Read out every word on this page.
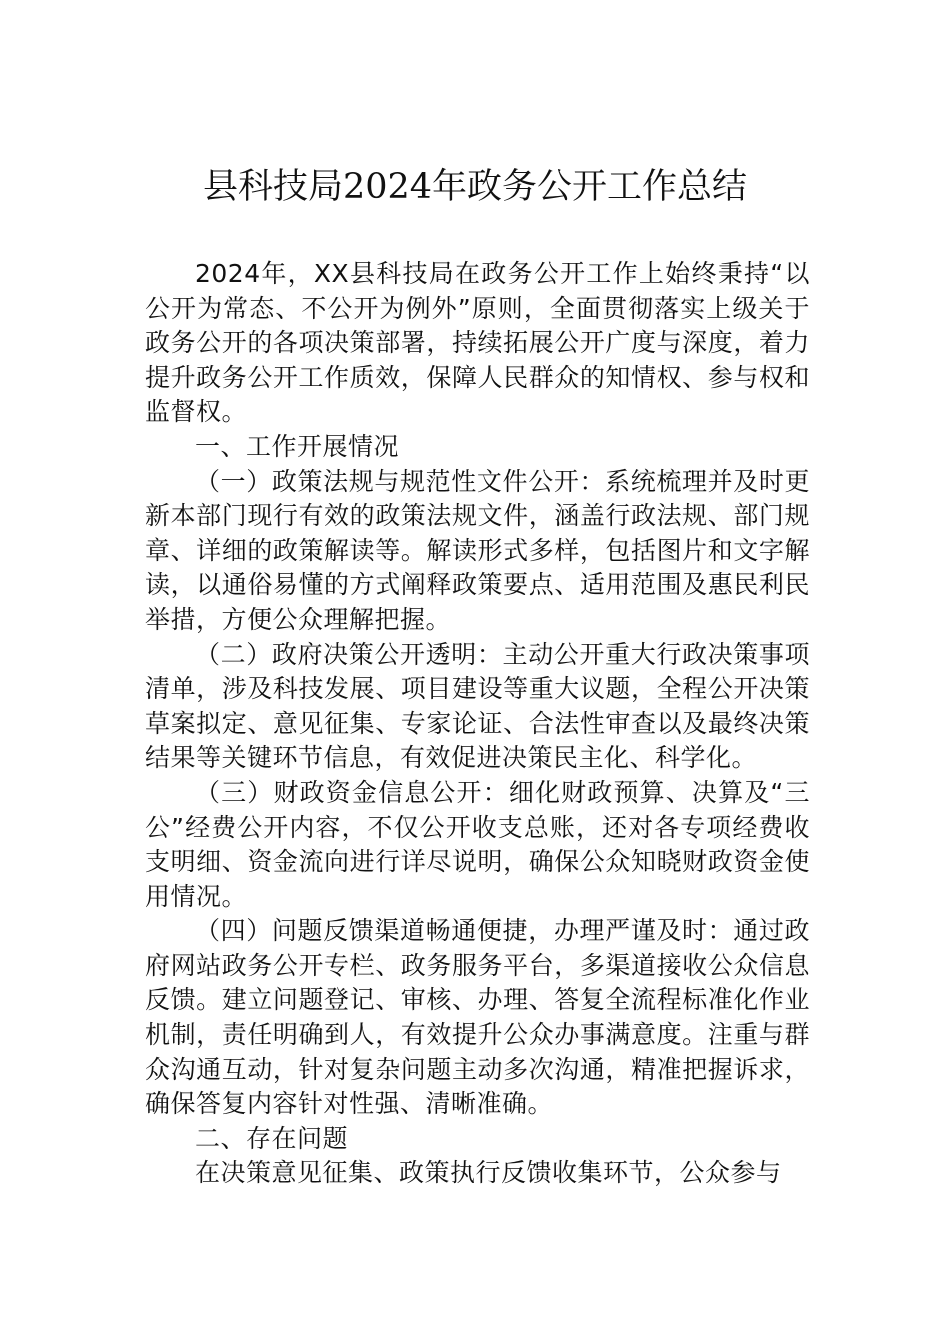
县科技局2024年政务公开工作总结

2024年，XX县科技局在政务公开工作上始终秉持“以公开为常态、不公开为例外”原则，全面贯彻落实上级关于政务公开的各项决策部署，持续拓展公开广度与深度，着力提升政务公开工作质效，保障人民群众的知情权、参与权和监督权。

一、工作开展情况

（一）政策法规与规范性文件公开：系统梳理并及时更新本部门现行有效的政策法规文件，涵盖行政法规、部门规章、详细的政策解读等。解读形式多样，包括图片和文字解读，以通俗易懂的方式阐释政策要点、适用范围及惠民利民举措，方便公众理解把握。

（二）政府决策公开透明：主动公开重大行政决策事项清单，涉及科技发展、项目建设等重大议题，全程公开决策草案拟定、意见征集、专家论证、合法性审查以及最终决策结果等关键环节信息，有效促进决策民主化、科学化。

（三）财政资金信息公开：细化财政预算、决算及“三公”经费公开内容，不仅公开收支总账，还对各专项经费收支明细、资金流向进行详尽说明，确保公众知晓财政资金使用情况。

（四）问题反馈渠道畅通便捷，办理严谨及时：通过政府网站政务公开专栏、政务服务平台，多渠道接收公众信息反馈。建立问题登记、审核、办理、答复全流程标准化作业机制，责任明确到人，有效提升公众办事满意度。注重与群众沟通互动，针对复杂问题主动多次沟通，精准把握诉求，确保答复内容针对性强、清晰准确。

二、存在问题

在决策意见征集、政策执行反馈收集环节，公众参与
